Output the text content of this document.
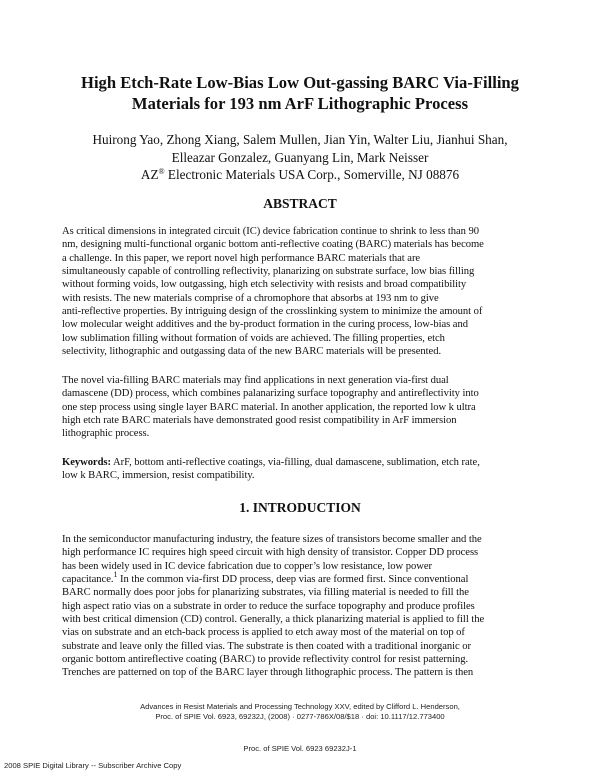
High Etch-Rate Low-Bias Low Out-gassing BARC Via-Filling
Materials for 193 nm ArF Lithographic Process
Huirong Yao, Zhong Xiang, Salem Mullen, Jian Yin, Walter Liu, Jianhui Shan,
Elleazar Gonzalez, Guanyang Lin, Mark Neisser
AZ® Electronic Materials USA Corp., Somerville, NJ 08876
ABSTRACT
As critical dimensions in integrated circuit (IC) device fabrication continue to shrink to less than 90
nm, designing multi-functional organic bottom anti-reflective coating (BARC) materials has become
a challenge. In this paper, we report novel high performance BARC materials that are
simultaneously capable of controlling reflectivity, planarizing on substrate surface, low bias filling
without forming voids, low outgassing, high etch selectivity with resists and broad compatibility
with resists. The new materials comprise of a chromophore that absorbs at 193 nm to give
anti-reflective properties. By intriguing design of the crosslinking system to minimize the amount of
low molecular weight additives and the by-product formation in the curing process, low-bias and
low sublimation filling without formation of voids are achieved. The filling properties, etch
selectivity, lithographic and outgassing data of the new BARC materials will be presented.
The novel via-filling BARC materials may find applications in next generation via-first dual
damascene (DD) process, which combines palanarizing surface topography and antireflectivity into
one step process using single layer BARC material. In another application, the reported low k ultra
high etch rate BARC materials have demonstrated good resist compatibility in ArF immersion
lithographic process.
Keywords: ArF, bottom anti-reflective coatings, via-filling, dual damascene, sublimation, etch rate,
low k BARC, immersion, resist compatibility.
1. INTRODUCTION
In the semiconductor manufacturing industry, the feature sizes of transistors become smaller and the
high performance IC requires high speed circuit with high density of transistor. Copper DD process
has been widely used in IC device fabrication due to copper’s low resistance, low power
capacitance.$^1$ In the common via-first DD process, deep vias are formed first. Since conventional
BARC normally does poor jobs for planarizing substrates, via filling material is needed to fill the
high aspect ratio vias on a substrate in order to reduce the surface topography and produce profiles
with best critical dimension (CD) control. Generally, a thick planarizing material is applied to fill the
vias on substrate and an etch-back process is applied to etch away most of the material on top of
substrate and leave only the filled vias. The substrate is then coated with a traditional inorganic or
organic bottom antireflective coating (BARC) to provide reflectivity control for resist patterning.
Trenches are patterned on top of the BARC layer through lithographic process. The pattern is then
Advances in Resist Materials and Processing Technology XXV, edited by Clifford L. Henderson,
Proc. of SPIE Vol. 6923, 69232J, (2008) · 0277-786X/08/$18 · doi: 10.1117/12.773400
Proc. of SPIE Vol. 6923 69232J-1
2008 SPIE Digital Library -- Subscriber Archive Copy
